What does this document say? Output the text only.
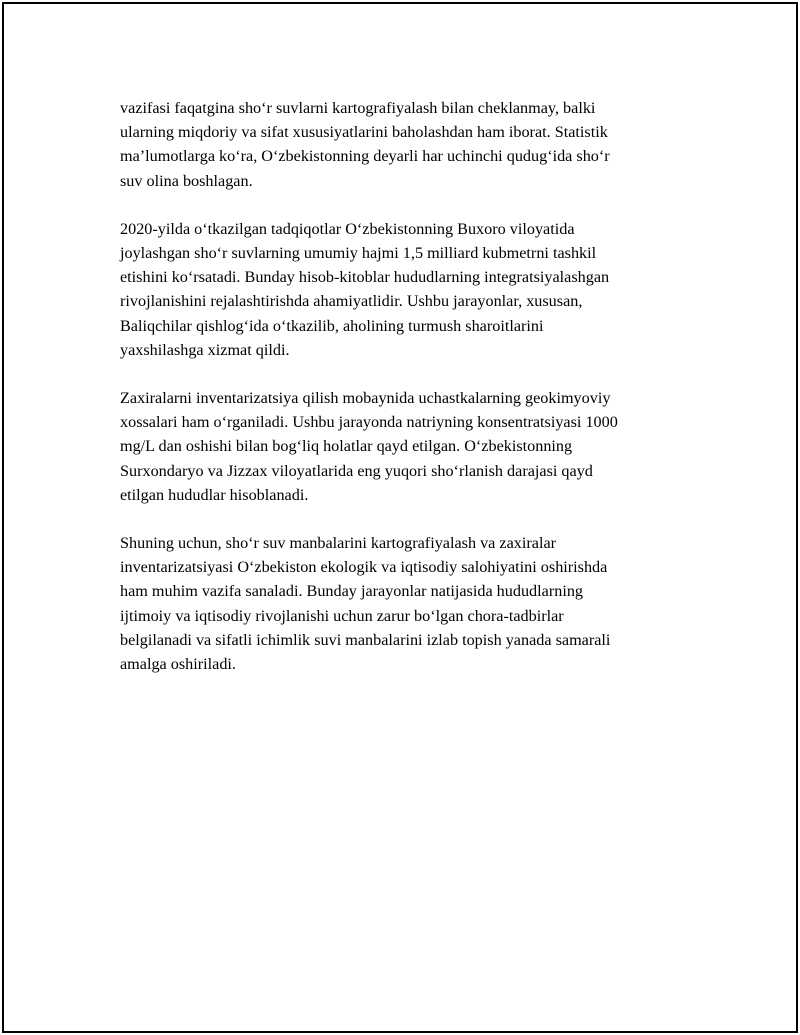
vazifasi faqatgina sho‘r suvlarni kartografiyalash bilan cheklanmay, balki
ularning miqdoriy va sifat xususiyatlarini baholashdan ham iborat. Statistik
ma’lumotlarga ko‘ra, O‘zbekistonning deyarli har uchinchi qudug‘ida sho‘r
suv olina boshlagan.

2020-yilda o‘tkazilgan tadqiqotlar O‘zbekistonning Buxoro viloyatida
joylashgan sho‘r suvlarning umumiy hajmi 1,5 milliard kubmetrni tashkil
etishini ko‘rsatadi. Bunday hisob-kitoblar hududlarning integratsiyalashgan
rivojlanishini rejalashtirishda ahamiyatlidir. Ushbu jarayonlar, xususan,
Baliqchilar qishlog‘ida o‘tkazilib, aholining turmush sharoitlarini
yaxshilashga xizmat qildi.

Zaxiralarni inventarizatsiya qilish mobaynida uchastkalarning geokimyoviy
xossalari ham o‘rganiladi. Ushbu jarayonda natriyning konsentratsiyasi 1000
mg/L dan oshishi bilan bog‘liq holatlar qayd etilgan. O‘zbekistonning
Surxondaryo va Jizzax viloyatlarida eng yuqori sho‘rlanish darajasi qayd
etilgan hududlar hisoblanadi.

Shuning uchun, sho‘r suv manbalarini kartografiyalash va zaxiralar
inventarizatsiyasi O‘zbekiston ekologik va iqtisodiy salohiyatini oshirishda
ham muhim vazifa sanaladi. Bunday jarayonlar natijasida hududlarning
ijtimoiy va iqtisodiy rivojlanishi uchun zarur bo‘lgan chora-tadbirlar
belgilanadi va sifatli ichimlik suvi manbalarini izlab topish yanada samarali
amalga oshiriladi.
